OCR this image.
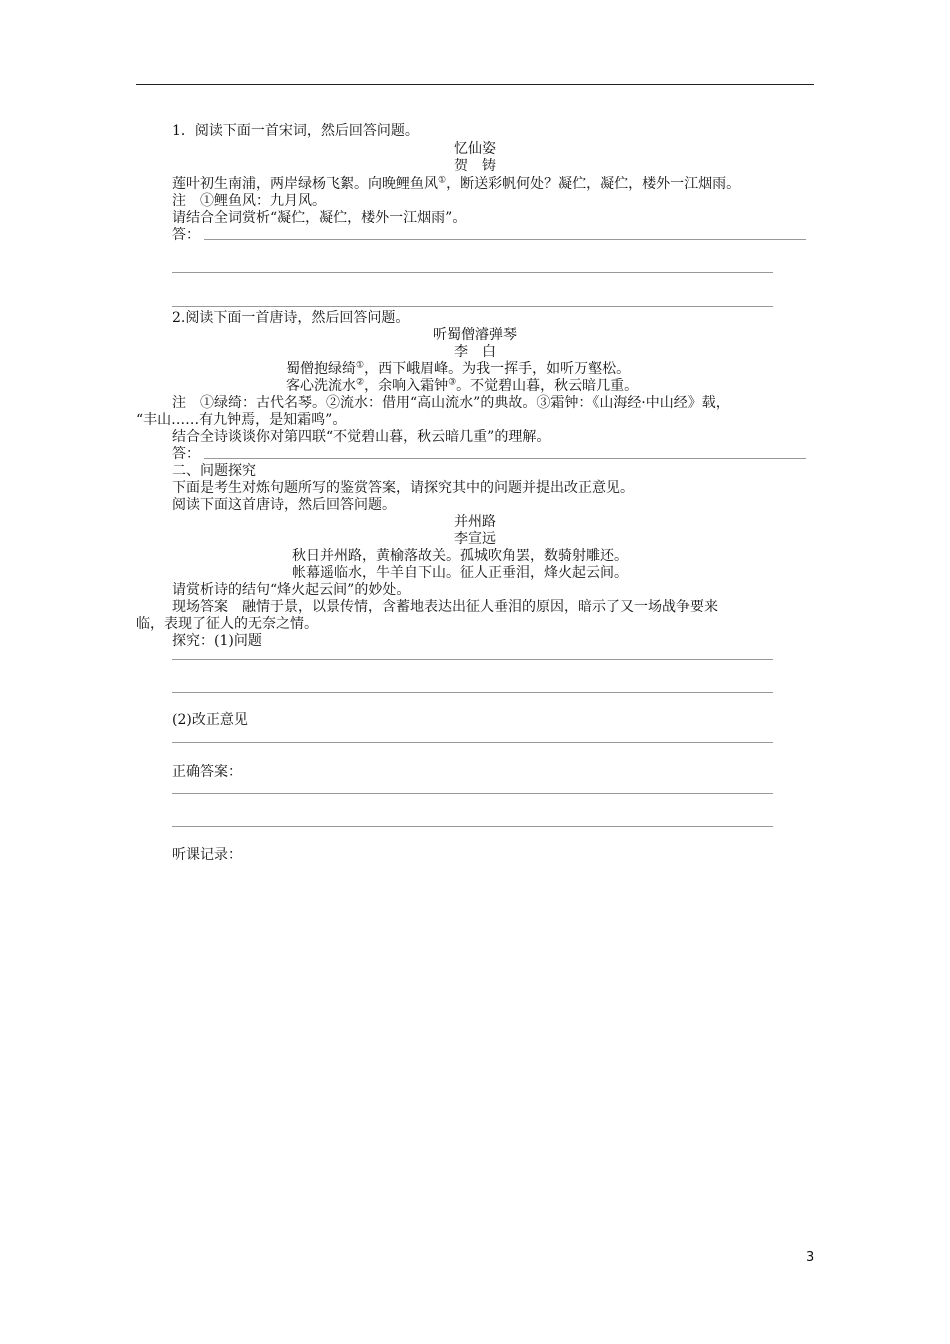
1．阅读下面一首宋词，然后回答问题。
忆仙姿
贺　铸
莲叶初生南浦，两岸绿杨飞絮。向晚鲤鱼风①，断送彩帆何处？凝伫，凝伫，楼外一江烟雨。
注　①鲤鱼风：九月风。
请结合全词赏析“凝伫，凝伫，楼外一江烟雨”。
答：
2.阅读下面一首唐诗，然后回答问题。
听蜀僧濬弹琴
李　白
蜀僧抱绿绮①，西下峨眉峰。为我一挥手，如听万壑松。
客心洗流水②，余响入霜钟③。不觉碧山暮，秋云暗几重。
注　①绿绮：古代名琴。②流水：借用“高山流水”的典故。③霜钟：《山海经·中山经》载，
“丰山……有九钟焉，是知霜鸣”。
结合全诗谈谈你对第四联“不觉碧山暮，秋云暗几重”的理解。
答：
二、问题探究
下面是考生对炼句题所写的鉴赏答案，请探究其中的问题并提出改正意见。
阅读下面这首唐诗，然后回答问题。
并州路
李宣远
秋日并州路，黄榆落故关。孤城吹角罢，数骑射雕还。
帐幕遥临水，牛羊自下山。征人正垂泪，烽火起云间。
请赏析诗的结句“烽火起云间”的妙处。
现场答案　融情于景，以景传情，含蓄地表达出征人垂泪的原因，暗示了又一场战争要来
临，表现了征人的无奈之情。
探究：(1)问题
(2)改正意见
正确答案：
听课记录：
3
